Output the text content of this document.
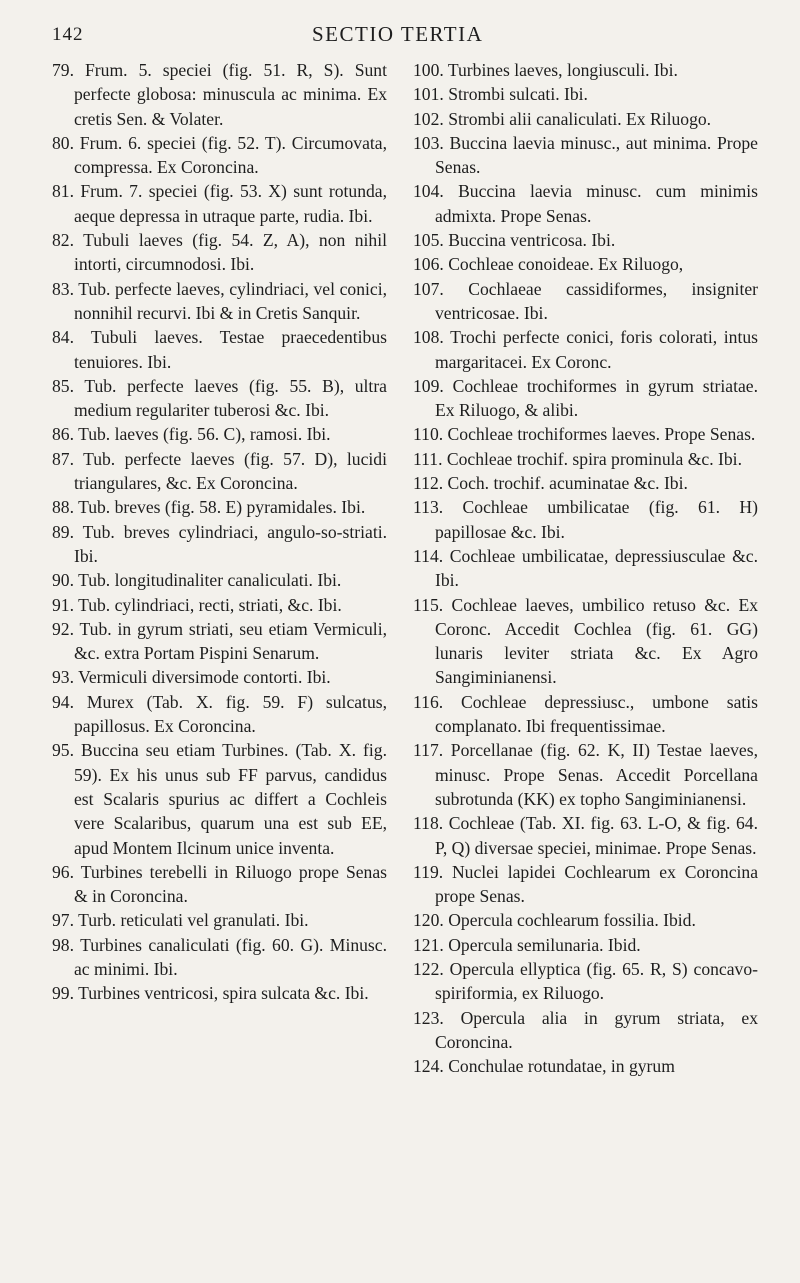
142	SECTIO TERTIA

79. Frum. 5. speciei (fig. 51. R, S). Sunt perfecte globosa: minuscula ac minima. Ex cretis Sen. & Volater.

80. Frum. 6. speciei (fig. 52. T). Circumovata, compressa. Ex Coroncina.

81. Frum. 7. speciei (fig. 53. X) sunt rotunda, aeque depressa in utraque parte, rudia. Ibi.

82. Tubuli laeves (fig. 54. Z, A), non nihil intorti, circumnodosi. Ibi.

83. Tub. perfecte laeves, cylindriaci, vel conici, nonnihil recurvi. Ibi & in Cretis Sanquir.

84. Tubuli laeves. Testae praecedentibus tenuiores. Ibi.

85. Tub. perfecte laeves (fig. 55. B), ultra medium regulariter tuberosi &c. Ibi.

86. Tub. laeves (fig. 56. C), ramosi. Ibi.

87. Tub. perfecte laeves (fig. 57. D), lucidi triangulares, &c. Ex Coroncina.

88. Tub. breves (fig. 58. E) pyramidales. Ibi.

89. Tub. breves cylindriaci, angulo-so-striati. Ibi.

90. Tub. longitudinaliter canaliculati. Ibi.

91. Tub. cylindriaci, recti, striati, &c. Ibi.

92. Tub. in gyrum striati, seu etiam Vermiculi, &c. extra Portam Pispini Senarum.

93. Vermiculi diversimode contorti. Ibi.

94. Murex (Tab. X. fig. 59. F) sulcatus, papillosus. Ex Coroncina.

95. Buccina seu etiam Turbines. (Tab. X. fig. 59). Ex his unus sub FF parvus, candidus est Scalaris spurius ac differt a Cochleis vere Scalaribus, quarum una est sub EE, apud Montem Ilcinum unice inventa.

96. Turbines terebelli in Riluogo prope Senas & in Coroncina.

97. Turb. reticulati vel granulati. Ibi.

98. Turbines canaliculati (fig. 60. G). Minusc. ac minimi. Ibi.

99. Turbines ventricosi, spira sulcata &c. Ibi.

100. Turbines laeves, longiusculi. Ibi.

101. Strombi sulcati. Ibi.

102. Strombi alii canaliculati. Ex Riluogo.

103. Buccina laevia minusc., aut minima. Prope Senas.

104. Buccina laevia minusc. cum minimis admixta. Prope Senas.

105. Buccina ventricosa. Ibi.

106. Cochleae conoideae. Ex Riluogo,

107. Cochlaeae cassidiformes, insigniter ventricosae. Ibi.

108. Trochi perfecte conici, foris colorati, intus margaritacei. Ex Coronc.

109. Cochleae trochiformes in gyrum striatae. Ex Riluogo, & alibi.

110. Cochleae trochiformes laeves. Prope Senas.

111. Cochleae trochif. spira prominula &c. Ibi.

112. Coch. trochif. acuminatae &c. Ibi.

113. Cochleae umbilicatae (fig. 61. H) papillosae &c. Ibi.

114. Cochleae umbilicatae, depressiusculae &c. Ibi.

115. Cochleae laeves, umbilico retuso &c. Ex Coronc. Accedit Cochlea (fig. 61. GG) lunaris leviter striata &c. Ex Agro Sangiminianensi.

116. Cochleae depressiusc., umbone satis complanato. Ibi frequentissimae.

117. Porcellanae (fig. 62. K, II) Testae laeves, minusc. Prope Senas. Accedit Porcellana subrotunda (KK) ex topho Sangiminianensi.

118. Cochleae (Tab. XI. fig. 63. L-O, & fig. 64. P, Q) diversae speciei, minimae. Prope Senas.

119. Nuclei lapidei Cochlearum ex Coroncina prope Senas.

120. Opercula cochlearum fossilia. Ibid.

121. Opercula semilunaria. Ibid.

122. Opercula ellyptica (fig. 65. R, S) concavo-spiriformia, ex Riluogo.

123. Opercula alia in gyrum striata, ex Coroncina.

124. Conchulae rotundatae, in gyrum
